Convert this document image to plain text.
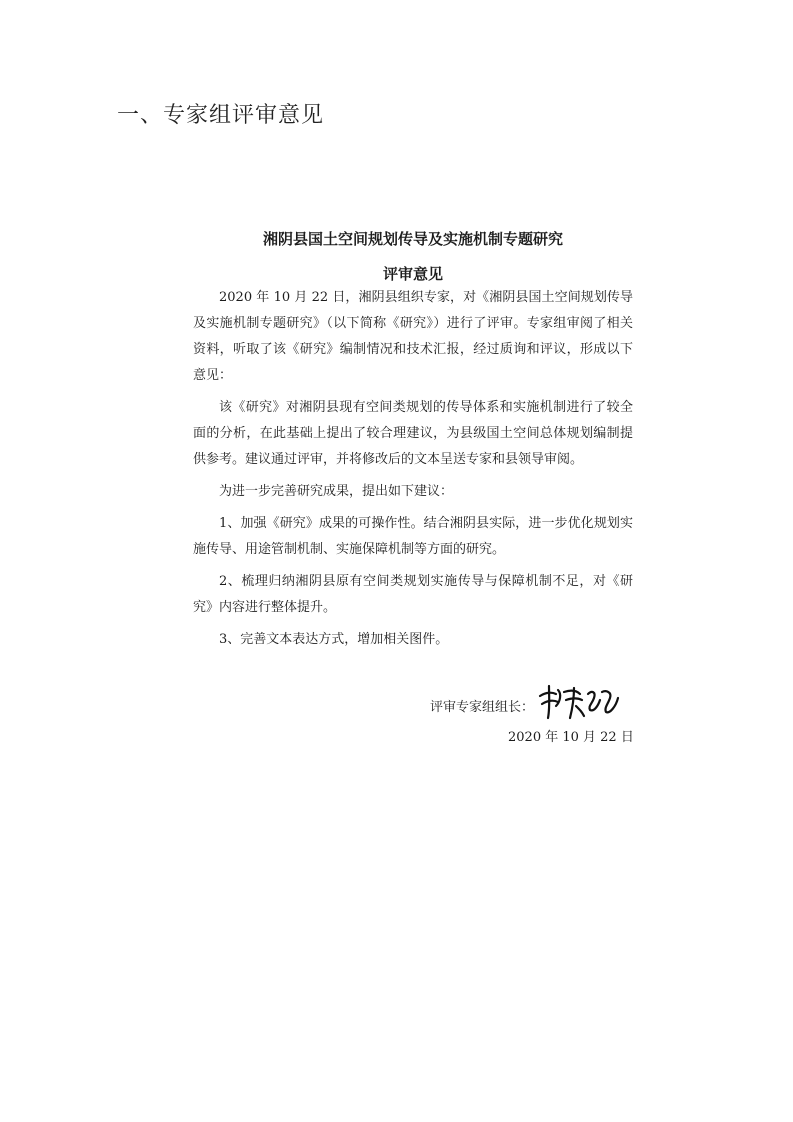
一、专家组评审意见
湘阴县国土空间规划传导及实施机制专题研究
评审意见

2020 年 10 月 22 日，湘阴县组织专家，对《湘阴县国土空间规划传导及实施机制专题研究》（以下简称《研究》）进行了评审。专家组审阅了相关资料，听取了该《研究》编制情况和技术汇报，经过质询和评议，形成以下意见：

该《研究》对湘阴县现有空间类规划的传导体系和实施机制进行了较全面的分析，在此基础上提出了较合理建议，为县级国土空间总体规划编制提供参考。建议通过评审，并将修改后的文本呈送专家和县领导审阅。

为进一步完善研究成果，提出如下建议：

1、加强《研究》成果的可操作性。结合湘阴县实际，进一步优化规划实施传导、用途管制机制、实施保障机制等方面的研究。

2、梳理归纳湘阴县原有空间类规划实施传导与保障机制不足，对《研究》内容进行整体提升。

3、完善文本表达方式，增加相关图件。

评审专家组组长：
2020 年 10 月 22 日
